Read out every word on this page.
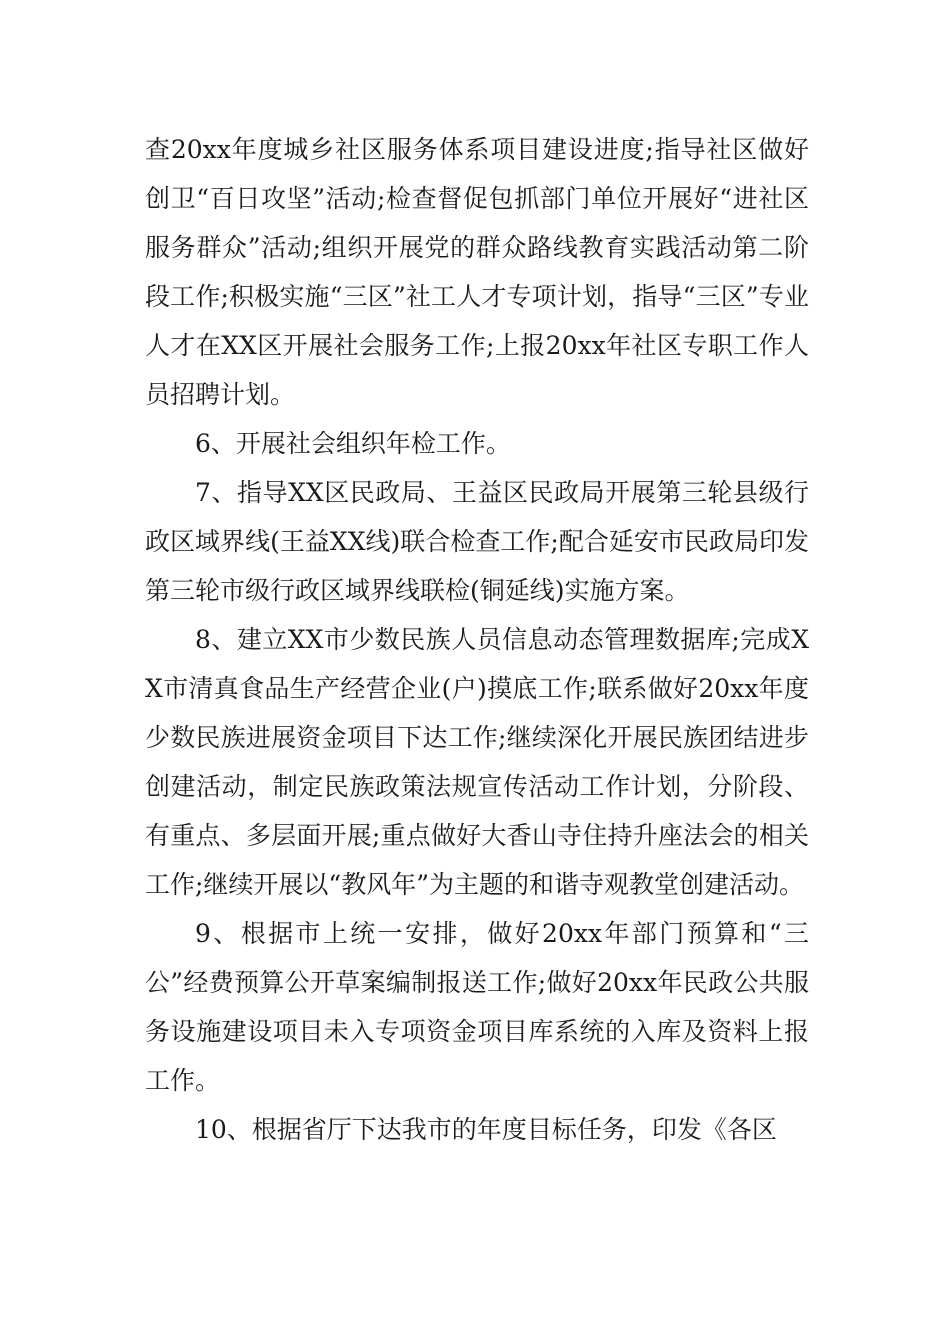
查20xx年度城乡社区服务体系项目建设进度;指导社区做好创卫“百日攻坚”活动;检查督促包抓部门单位开展好“进社区服务群众”活动;组织开展党的群众路线教育实践活动第二阶段工作;积极实施“三区”社工人才专项计划，指导“三区”专业人才在XX区开展社会服务工作;上报20xx年社区专职工作人员招聘计划。

6、开展社会组织年检工作。

7、指导XX区民政局、王益区民政局开展第三轮县级行政区域界线(王益XX线)联合检查工作;配合延安市民政局印发第三轮市级行政区域界线联检(铜延线)实施方案。

8、建立XX市少数民族人员信息动态管理数据库;完成XX市清真食品生产经营企业(户)摸底工作;联系做好20xx年度少数民族进展资金项目下达工作;继续深化开展民族团结进步创建活动，制定民族政策法规宣传活动工作计划，分阶段、有重点、多层面开展;重点做好大香山寺住持升座法会的相关工作;继续开展以“教风年”为主题的和谐寺观教堂创建活动。

9、根据市上统一安排，做好20xx年部门预算和“三公”经费预算公开草案编制报送工作;做好20xx年民政公共服务设施建设项目未入专项资金项目库系统的入库及资料上报工作。

10、根据省厅下达我市的年度目标任务，印发《各区
